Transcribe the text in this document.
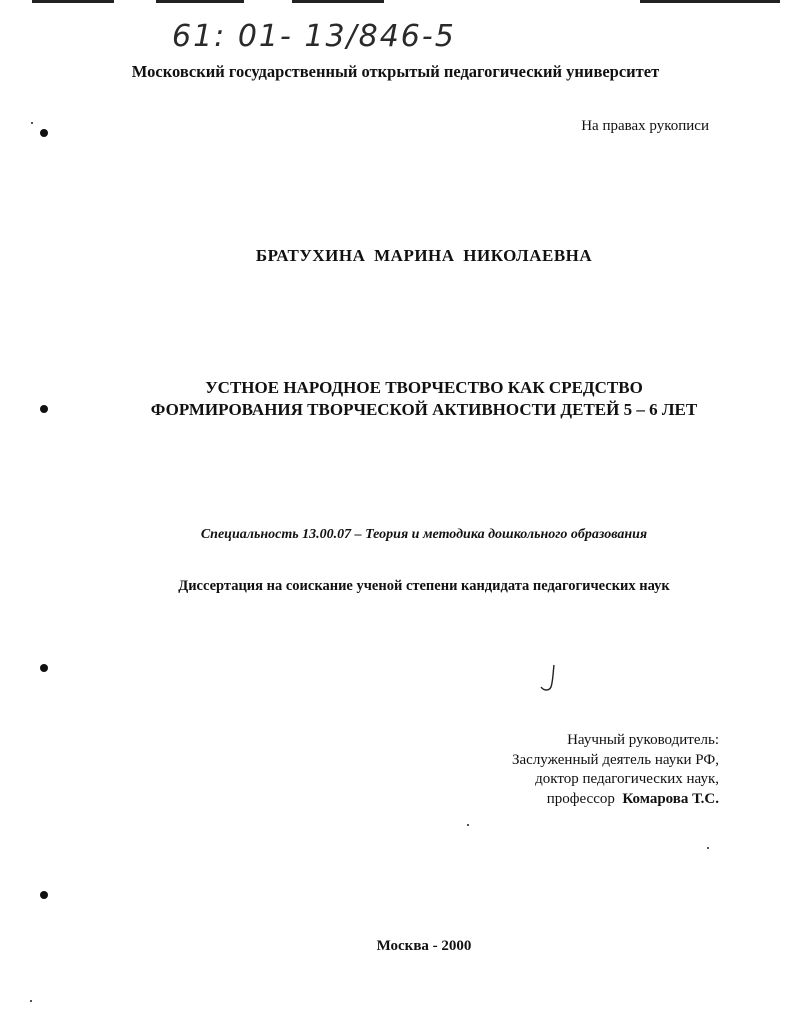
61: 01- 13/846-5
Московский государственный открытый педагогический университет
На правах рукописи
БРАТУХИНА МАРИНА НИКОЛАЕВНА
УСТНОЕ НАРОДНОЕ ТВОРЧЕСТВО КАК СРЕДСТВО
ФОРМИРОВАНИЯ ТВОРЧЕСКОЙ АКТИВНОСТИ ДЕТЕЙ 5 – 6 ЛЕТ
Специальность 13.00.07 – Теория и методика дошкольного образования
Диссертация на соискание ученой степени кандидата педагогических наук
Научный руководитель:
Заслуженный деятель науки РФ,
доктор педагогических наук,
профессор Комарова Т.С.
Москва - 2000
